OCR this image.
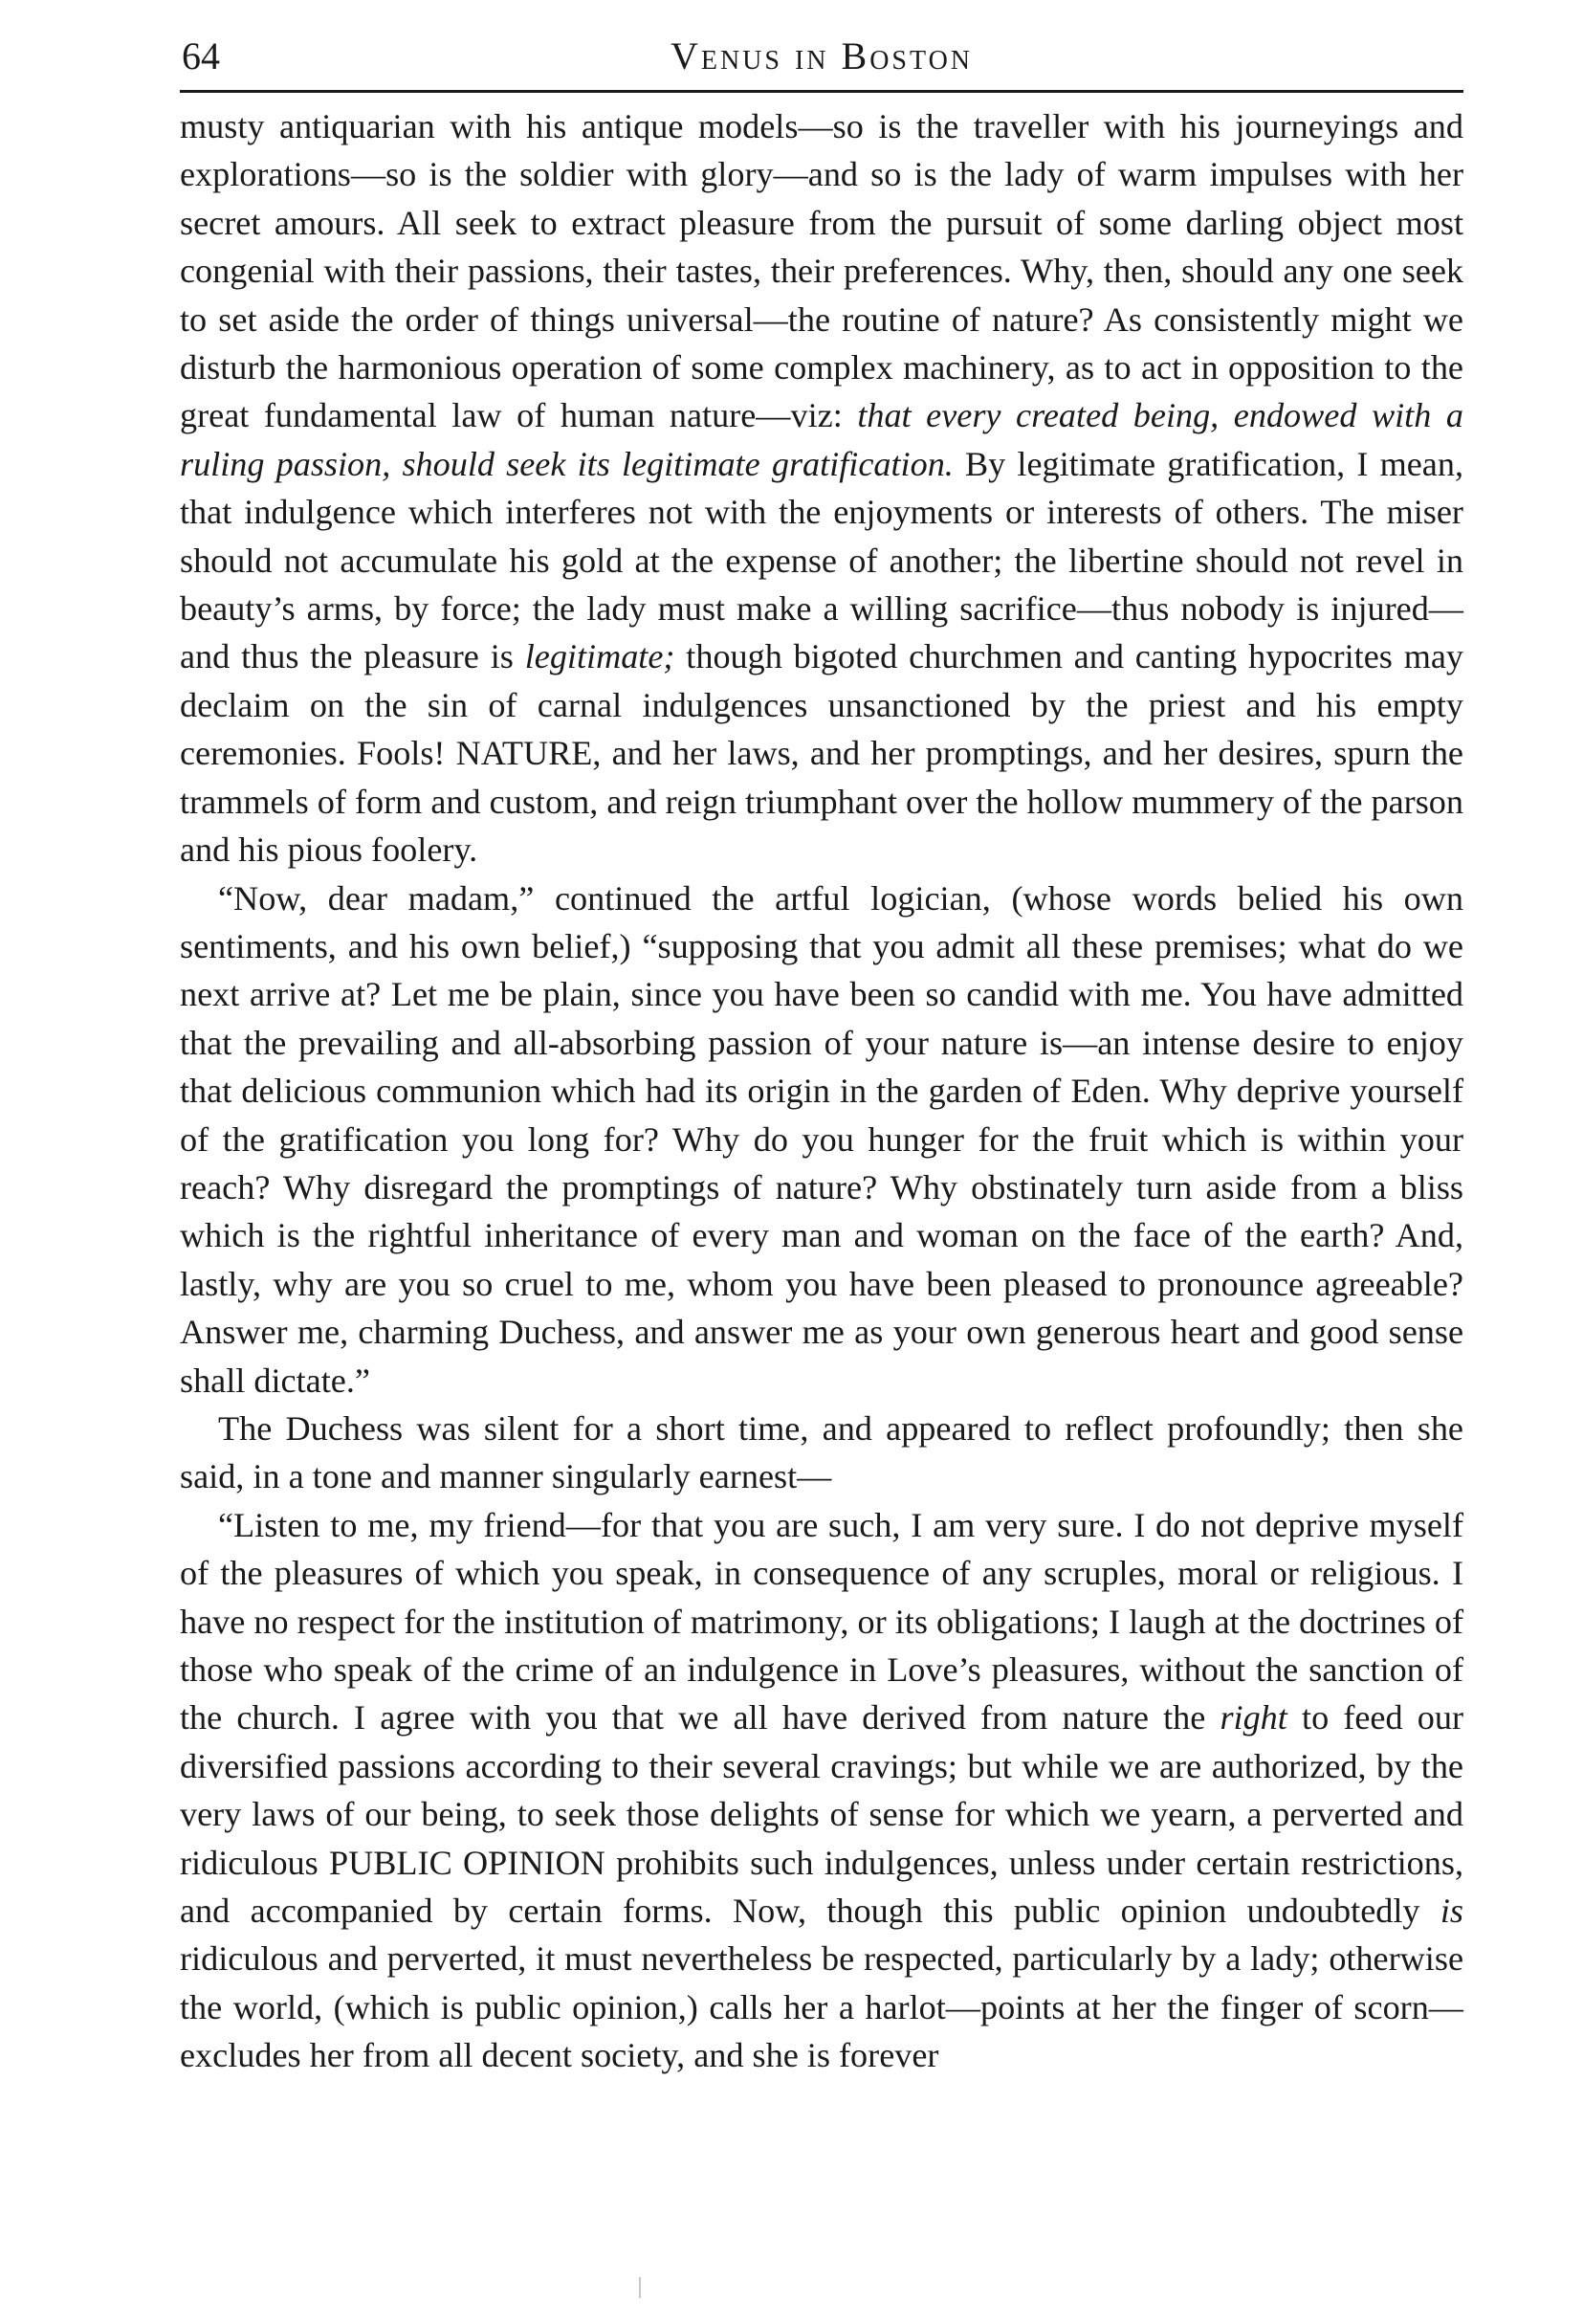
64	Venus in Boston

musty antiquarian with his antique models—so is the traveller with his journeyings and explorations—so is the soldier with glory—and so is the lady of warm impulses with her secret amours. All seek to extract pleasure from the pursuit of some darling object most congenial with their passions, their tastes, their preferences. Why, then, should any one seek to set aside the order of things universal—the routine of nature? As consistently might we disturb the harmonious operation of some complex machinery, as to act in opposition to the great fundamental law of human nature—viz: that every created being, endowed with a ruling passion, should seek its legitimate gratification. By legitimate gratification, I mean, that indulgence which interferes not with the enjoyments or interests of others. The miser should not accumulate his gold at the expense of another; the libertine should not revel in beauty’s arms, by force; the lady must make a willing sacrifice—thus nobody is injured—and thus the pleasure is legitimate; though bigoted churchmen and canting hypocrites may declaim on the sin of carnal indulgences unsanctioned by the priest and his empty ceremonies. Fools! NATURE, and her laws, and her promptings, and her desires, spurn the trammels of form and custom, and reign triumphant over the hollow mummery of the parson and his pious foolery.

“Now, dear madam,” continued the artful logician, (whose words belied his own sentiments, and his own belief,) “supposing that you admit all these premises; what do we next arrive at? Let me be plain, since you have been so candid with me. You have admitted that the prevailing and all-absorbing passion of your nature is—an intense desire to enjoy that delicious communion which had its origin in the garden of Eden. Why deprive yourself of the gratification you long for? Why do you hunger for the fruit which is within your reach? Why disregard the promptings of nature? Why obstinately turn aside from a bliss which is the rightful inheritance of every man and woman on the face of the earth? And, lastly, why are you so cruel to me, whom you have been pleased to pronounce agreeable? Answer me, charming Duchess, and answer me as your own generous heart and good sense shall dictate.”

The Duchess was silent for a short time, and appeared to reflect profoundly; then she said, in a tone and manner singularly earnest—

“Listen to me, my friend—for that you are such, I am very sure. I do not deprive myself of the pleasures of which you speak, in consequence of any scruples, moral or religious. I have no respect for the institution of matrimony, or its obligations; I laugh at the doctrines of those who speak of the crime of an indulgence in Love’s pleasures, without the sanction of the church. I agree with you that we all have derived from nature the right to feed our diversified passions according to their several cravings; but while we are authorized, by the very laws of our being, to seek those delights of sense for which we yearn, a perverted and ridiculous PUBLIC OPINION prohibits such indulgences, unless under certain restrictions, and accompanied by certain forms. Now, though this public opinion undoubtedly is ridiculous and perverted, it must nevertheless be respected, particularly by a lady; otherwise the world, (which is public opinion,) calls her a harlot—points at her the finger of scorn—excludes her from all decent society, and she is forever
